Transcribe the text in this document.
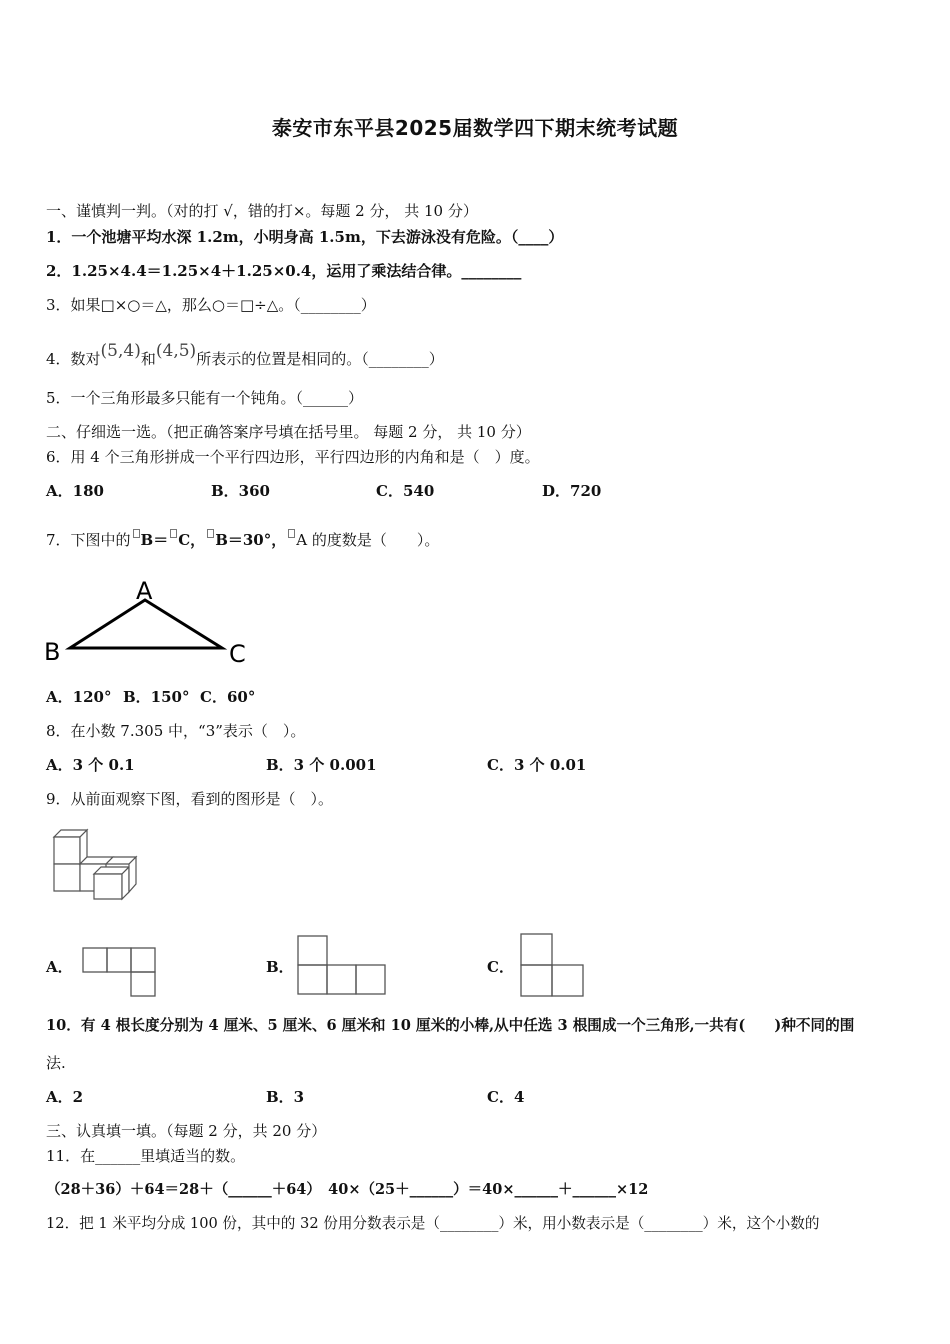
泰安市东平县2025届数学四下期末统考试题
一、谨慎判一判。（对的打 √，错的打×。每题 2 分， 共 10 分）
1．一个池塘平均水深 1.2m，小明身高 1.5m，下去游泳没有危险。（____）
2．1.25×4.4＝1.25×4＋1.25×0.4，运用了乘法结合律。________
3．如果□×○＝△，那么○＝□÷△。（________）
4．数对(5,4)和(4,5)所表示的位置是相同的。（________）
5．一个三角形最多只能有一个钝角。（______）
二、仔细选一选。（把正确答案序号填在括号里。 每题 2 分， 共 10 分）
6．用 4 个三角形拼成一个平行四边形，平行四边形的内角和是（　）度。
A．180	B．360	C．540	D．720
7．下图中的 B＝ C， B＝30°， A 的度数是（　　）。
A
B	C
A．120° B．150° C．60°
8．在小数 7.305 中，“3”表示（　）。
A．3 个 0.1	B．3 个 0.001	C．3 个 0.01
9．从前面观察下图，看到的图形是（　）。
A．	B．	C．
10．有 4 根长度分别为 4 厘米、5 厘米、6 厘米和 10 厘米的小棒,从中任选 3 根围成一个三角形,一共有(　　)种不同的围
法.
A．2	B．3	C．4
三、认真填一填。（每题 2 分，共 20 分）
11．在______里填适当的数。
（28＋36）＋64＝28＋（______＋64）　40×（25＋______）＝40×______＋______×12
12．把 1 米平均分成 100 份，其中的 32 份用分数表示是（________）米，用小数表示是（________）米，这个小数的
